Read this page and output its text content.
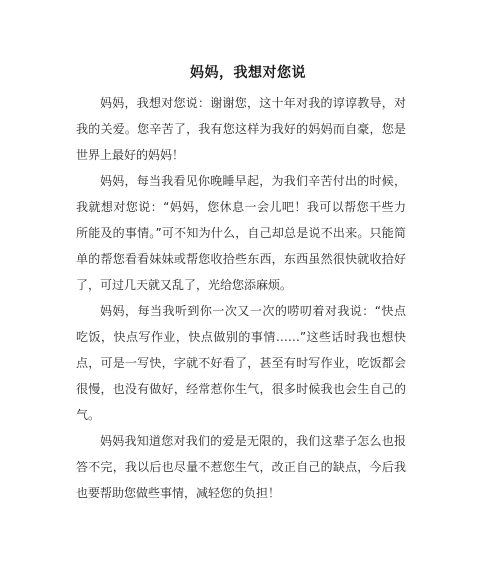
妈妈，我想对您说

妈妈，我想对您说：谢谢您，这十年对我的谆谆教导，对我的关爱。您辛苦了，我有您这样为我好的妈妈而自豪，您是世界上最好的妈妈！

妈妈，每当我看见你晚睡早起，为我们辛苦付出的时候，我就想对您说：“妈妈，您休息一会儿吧！我可以帮您干些力所能及的事情。”可不知为什么，自己却总是说不出来。只能简单的帮您看看妹妹或帮您收拾些东西，东西虽然很快就收拾好了，可过几天就又乱了，光给您添麻烦。

妈妈，每当我听到你一次又一次的唠叨着对我说：“快点吃饭，快点写作业，快点做别的事情……”这些话时我也想快点，可是一写快，字就不好看了，甚至有时写作业，吃饭都会很慢，也没有做好，经常惹你生气，很多时候我也会生自己的气。

妈妈我知道您对我们的爱是无限的，我们这辈子怎么也报答不完，我以后也尽量不惹您生气，改正自己的缺点，今后我也要帮助您做些事情，减轻您的负担！
